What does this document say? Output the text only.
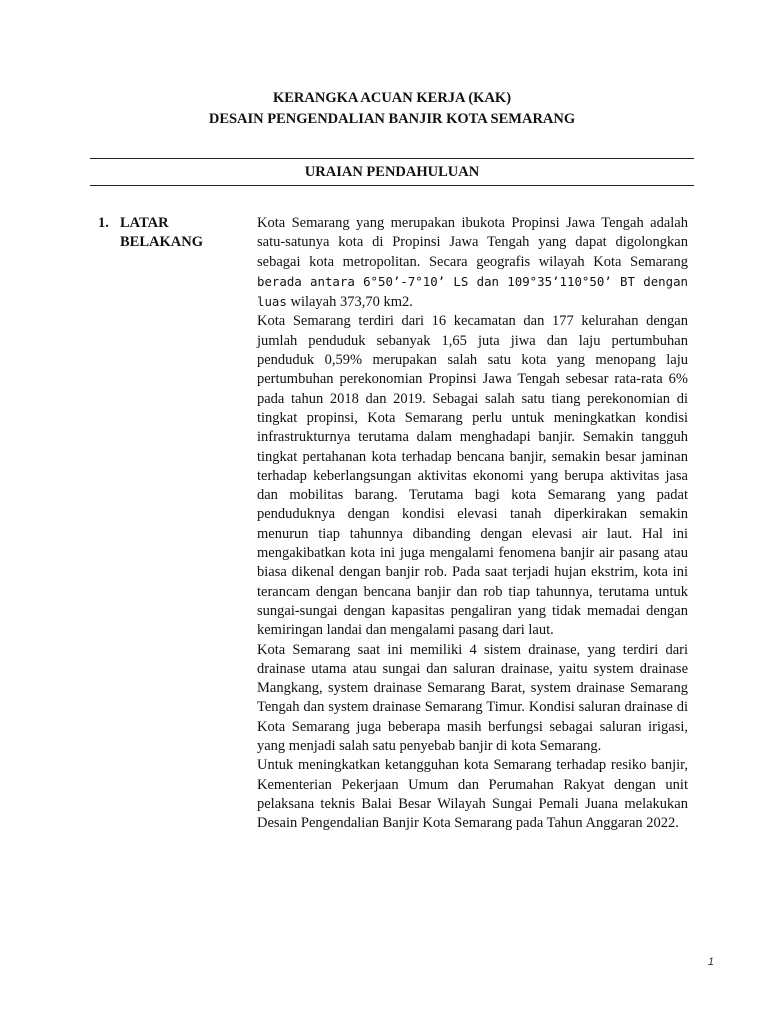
KERANGKA ACUAN KERJA (KAK)
DESAIN PENGENDALIAN BANJIR KOTA SEMARANG
URAIAN PENDAHULUAN
1. LATAR BELAKANG

Kota Semarang yang merupakan ibukota Propinsi Jawa Tengah adalah satu-satunya kota di Propinsi Jawa Tengah yang dapat digolongkan sebagai kota metropolitan. Secara geografis wilayah Kota Semarang berada antara 6°50’-7°10’ LS dan 109°35’110°50’ BT dengan luas wilayah 373,70 km2.

Kota Semarang terdiri dari 16 kecamatan dan 177 kelurahan dengan jumlah penduduk sebanyak 1,65 juta jiwa dan laju pertumbuhan penduduk 0,59% merupakan salah satu kota yang menopang laju pertumbuhan perekonomian Propinsi Jawa Tengah sebesar rata-rata 6% pada tahun 2018 dan 2019. Sebagai salah satu tiang perekonomian di tingkat propinsi, Kota Semarang perlu untuk meningkatkan kondisi infrastrukturnya terutama dalam menghadapi banjir. Semakin tangguh tingkat pertahanan kota terhadap bencana banjir, semakin besar jaminan terhadap keberlangsungan aktivitas ekonomi yang berupa aktivitas jasa dan mobilitas barang. Terutama bagi kota Semarang yang padat penduduknya dengan kondisi elevasi tanah diperkirakan semakin menurun tiap tahunnya dibanding dengan elevasi air laut. Hal ini mengakibatkan kota ini juga mengalami fenomena banjir air pasang atau biasa dikenal dengan banjir rob. Pada saat terjadi hujan ekstrim, kota ini terancam dengan bencana banjir dan rob tiap tahunnya, terutama untuk sungai-sungai dengan kapasitas pengaliran yang tidak memadai dengan kemiringan landai dan mengalami pasang dari laut.

Kota Semarang saat ini memiliki 4 sistem drainase, yang terdiri dari drainase utama atau sungai dan saluran drainase, yaitu system drainase Mangkang, system drainase Semarang Barat, system drainase Semarang Tengah dan system drainase Semarang Timur. Kondisi saluran drainase di Kota Semarang juga beberapa masih berfungsi sebagai saluran irigasi, yang menjadi salah satu penyebab banjir di kota Semarang.

Untuk meningkatkan ketangguhan kota Semarang terhadap resiko banjir, Kementerian Pekerjaan Umum dan Perumahan Rakyat dengan unit pelaksana teknis Balai Besar Wilayah Sungai Pemali Juana melakukan Desain Pengendalian Banjir Kota Semarang pada Tahun Anggaran 2022.

1
